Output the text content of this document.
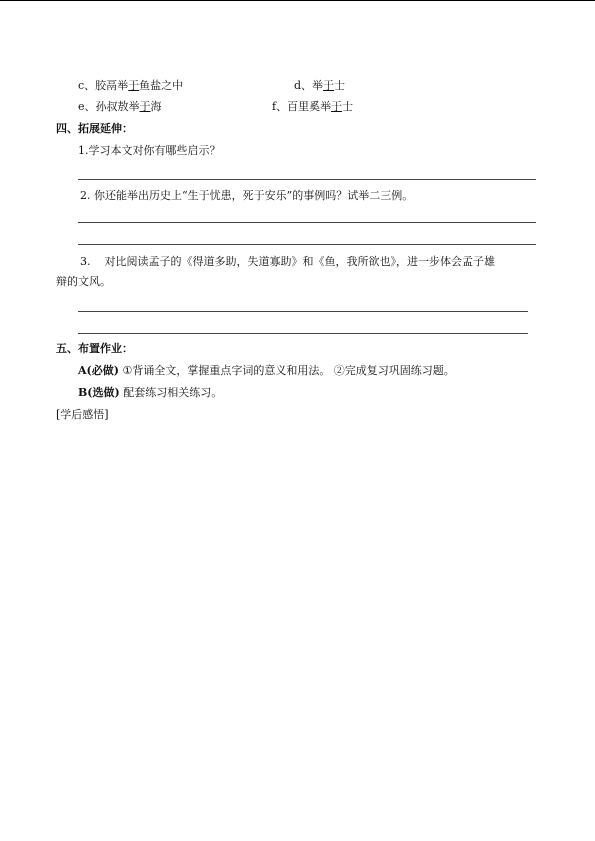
c、胶鬲举于鱼盐之中	d、举于士
e、孙叔敖举于海	f、百里奚举于士
四、拓展延伸：
1.学习本文对你有哪些启示？
2. 你还能举出历史上“生于忧患，死于安乐”的事例吗？试举二三例。
3. 对比阅读孟子的《得道多助，失道寡助》和《鱼，我所欲也》，进一步体会孟子雄
辩的文风。
五、布置作业：
A(必做) ①背诵全文，掌握重点字词的意义和用法。 ②完成复习巩固练习题。
B(选做) 配套练习相关练习。
[学后感悟]
